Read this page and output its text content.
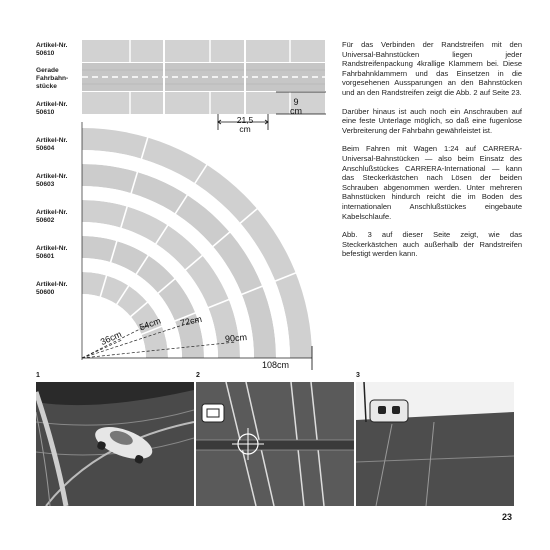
Artikel-Nr.
50610
Gerade Fahrbahn-stücke
Artikel-Nr.
50610
Artikel-Nr.
50604
Artikel-Nr.
50603
Artikel-Nr.
50602
Artikel-Nr.
50601
Artikel-Nr.
50600
9
cm
21,5
cm
36cm
54cm 72cm
90cm
108cm

Für das Verbinden der Randstreifen mit den Universal-Bahnstücken liegen jeder Randstreifenpackung 4krallige Klammern bei. Diese Fahrbahnklammern und das Einsetzen in die vorgesehenen Aussparungen an den Bahnstücken und an den Randstreifen zeigt die Abb. 2 auf Seite 23.

Darüber hinaus ist auch noch ein Anschrauben auf eine feste Unterlage möglich, so daß eine fugenlose Verbreiterung der Fahrbahn gewährleistet ist.

Beim Fahren mit Wagen 1:24 auf CARRERA-Universal-Bahnstücken — also beim Einsatz des Anschlußstückes CARRERA-International — kann das Steckerkästchen nach Lösen der beiden Schrauben abgenommen werden. Unter mehreren Bahnstücken hindurch reicht die im Boden des internationalen Anschlußstückes eingebaute Kabelschlaufe.

Abb. 3 auf dieser Seite zeigt, wie das Steckerkästchen auch außerhalb der Randstreifen befestigt werden kann.

1	2	3
23
